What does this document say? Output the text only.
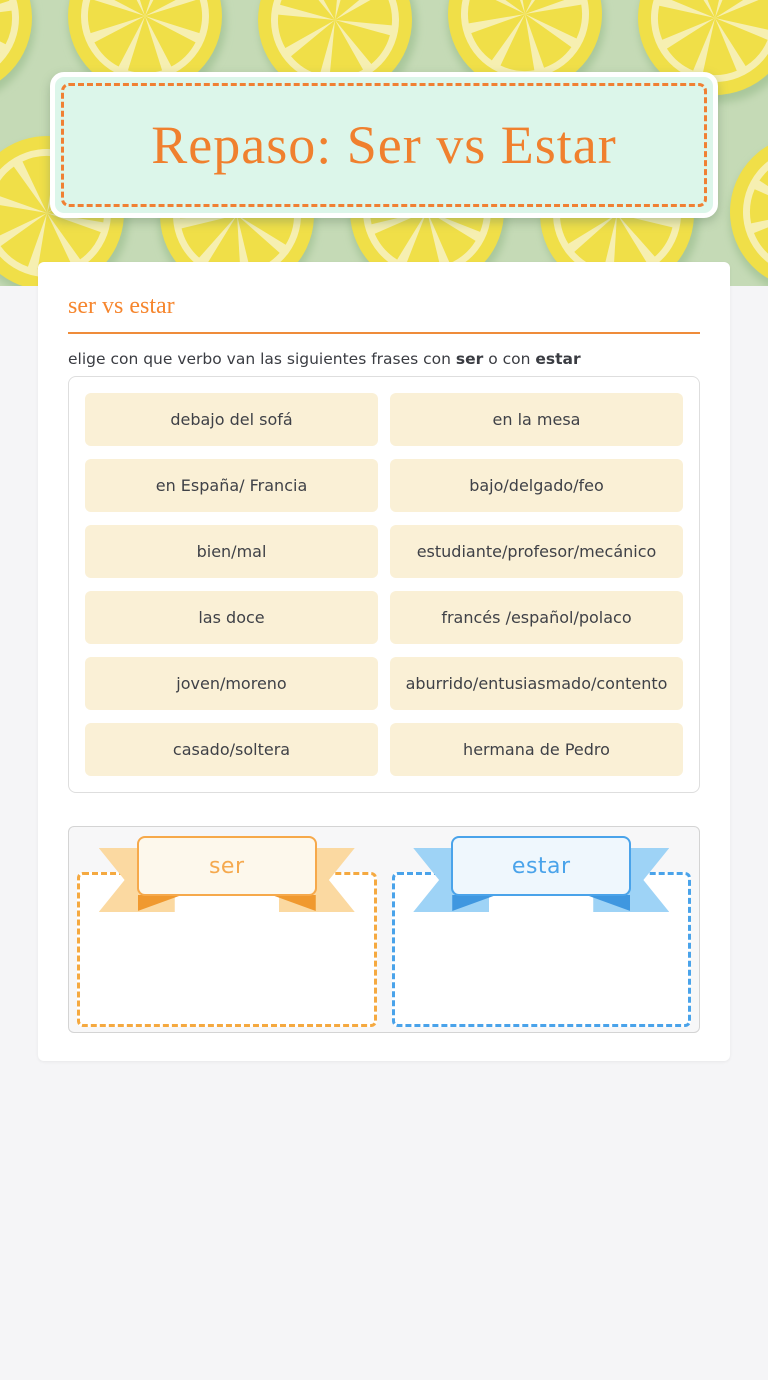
Repaso: Ser vs Estar
ser vs estar

elige con que verbo van las siguientes frases con ser o con estar

debajo del sofá	en la mesa
en España/ Francia	bajo/delgado/feo
bien/mal	estudiante/profesor/mecánico
las doce	francés /español/polaco
joven/moreno	aburrido/entusiasmado/contento
casado/soltera	hermana de Pedro
ser	estar
